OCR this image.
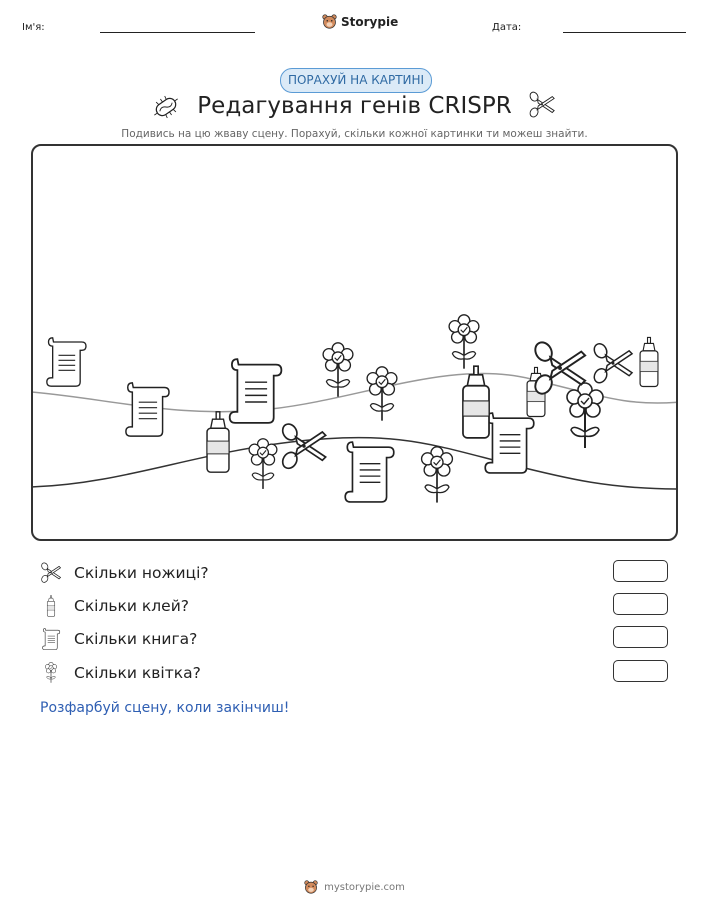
Ім'я:	Storypie	Дата:
ПОРАХУЙ НА КАРТИНІ
Редагування генів CRISPR
Подивись на цю жваву сцену. Порахуй, скільки кожної картинки ти можеш знайти.
Скільки ножиці?
Скільки клей?
Скільки книга?
Скільки квітка?
Розфарбуй сцену, коли закінчиш!
mystorypie.com
